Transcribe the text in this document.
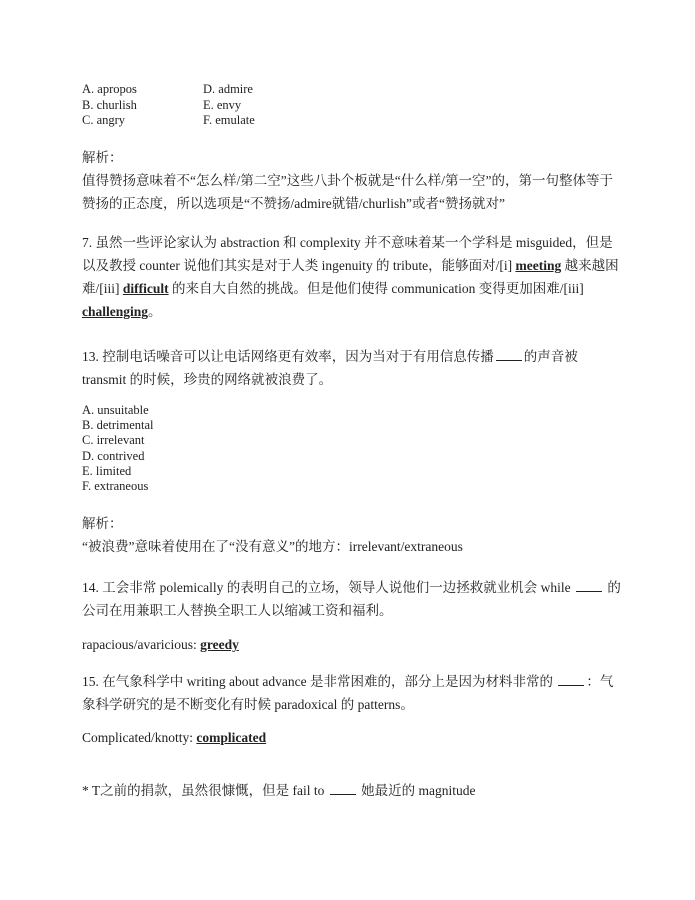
A. apropos	D. admire
B. churlish	E. envy
C. angry	F. emulate
解析：
值得赞扬意味着不“怎么样/第二空”这些八卦个板就是“什么样/第一空”的，第一句整体等于赞扬的正态度，所以选项是“不赞扬/admire就错/churlish”或者“赞扬就对”
7. 虽然一些评论家认为 abstraction 和 complexity 并不意味着某一个学科是 misguided，但是以及教授 counter 说他们其实是对于人类 ingenuity 的 tribute，能够面对/[i] meeting 越来越困难/[iii] difficult 的来自大自然的挑战。但是他们使得 communication 变得更加困难/[iii] challenging。
13. 控制电话噪音可以让电话网络更有效率，因为当对于有用信息传播 的声音被 transmit 的时候，珍贵的网络就被浪费了。
A. unsuitable
B. detrimental
C. irrelevant
D. contrived
E. limited
F. extraneous
解析：
“被浪费”意味着使用在了“没有意义”的地方：irrelevant/extraneous
14. 工会非常 polemically 的表明自己的立场，领导人说他们一边拯救就业机会 while  的公司在用兼职工人替换全职工人以缩减工资和福利。
rapacious/avaricious: greedy
15. 在气象科学中 writing about advance 是非常困难的，部分上是因为材料非常的 ：气象科学研究的是不断变化有时候 paradoxical 的 patterns。
Complicated/knotty: complicated
* T之前的捐款，虽然很慷慨，但是 fail to  她最近的 magnitude
